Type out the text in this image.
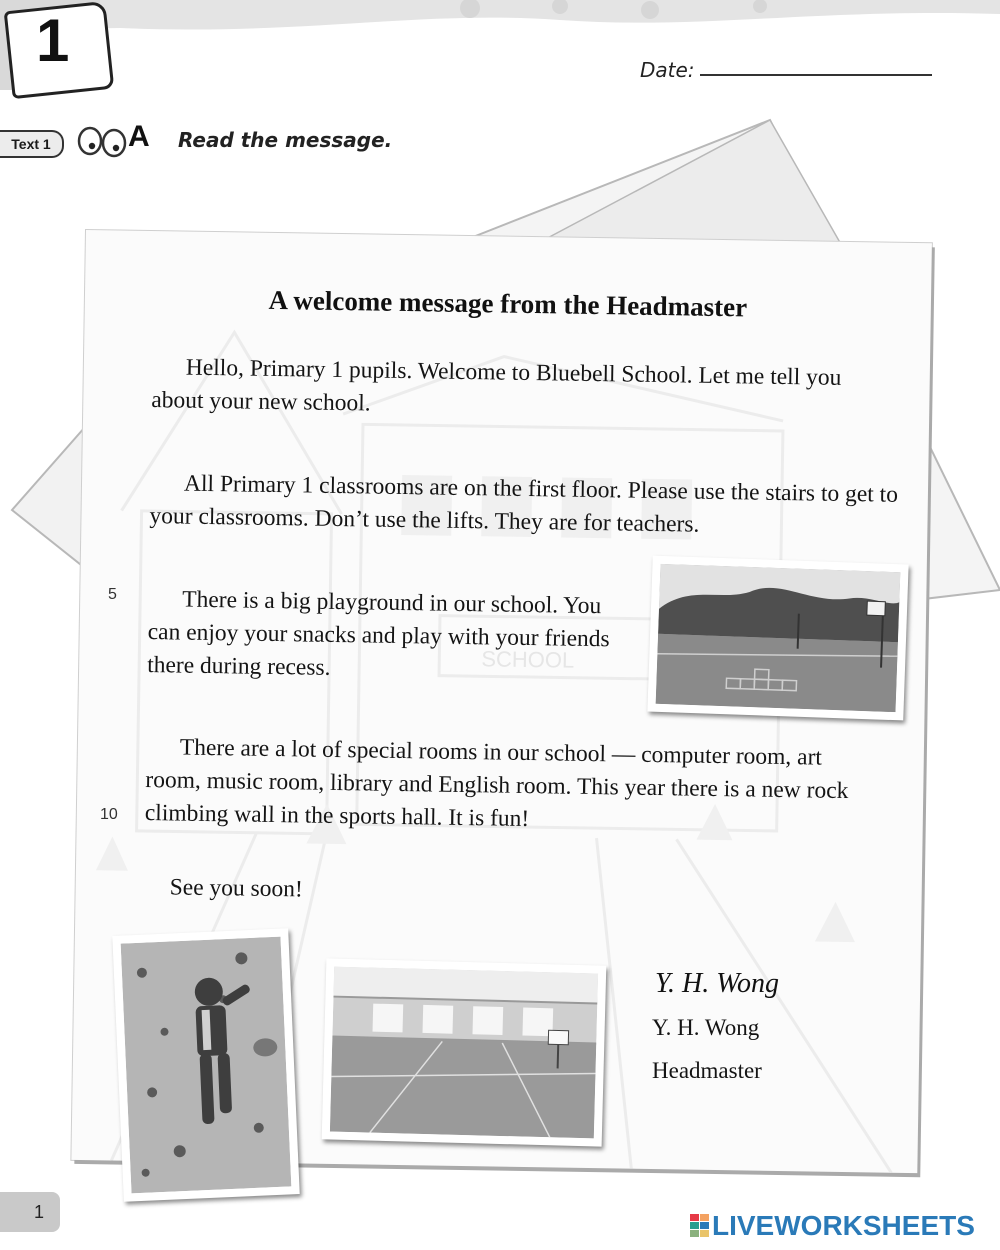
1	Date:
Text 1	A Read the message.
SCHOOL
A welcome message from the Headmaster

Hello, Primary 1 pupils. Welcome to Bluebell School. Let me tell you about your new school.

All Primary 1 classrooms are on the first floor. Please use the stairs to get to your classrooms. Don’t use the lifts. They are for teachers.

There is a big playground in our school. You can enjoy your snacks and play with your friends there during recess.

There are a lot of special rooms in our school — computer room, art room, music room, library and English room. This year there is a new rock climbing wall in the sports hall. It is fun!

See you soon!

5
10
Y. H. Wong
Y. H. Wong
Headmaster
1	LIVEWORKSHEETS
